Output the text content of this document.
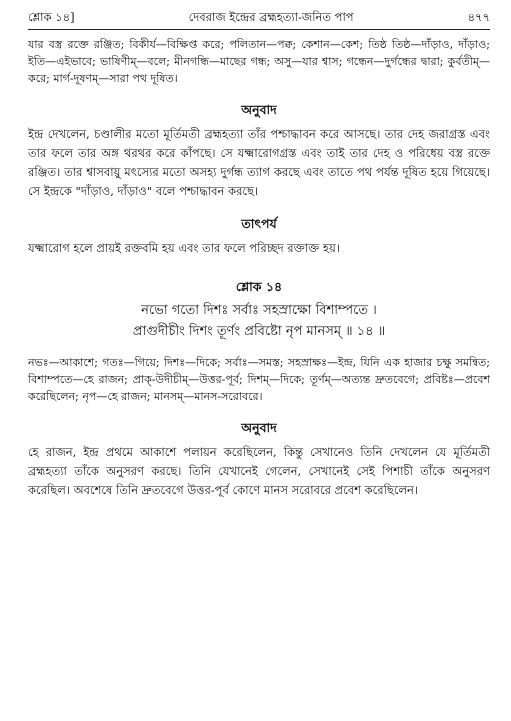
শ্লোক ১৪]	দেবরাজ ইন্দ্রের ব্রহ্মহত্যা-জনিত পাপ	৪৭৭

যার বস্ত্র রক্তে রঞ্জিত; বিকীর্য—বিক্ষিপ্ত করে; পলিতান—পক্ব; কেশান—কেশ; তিষ্ঠ তিষ্ঠ—দাঁড়াও, দাঁড়াও; ইতি—এইভাবে; ভাষিণীম্—বলে; মীনগন্ধি—মাছের গন্ধ; অসু—যার শ্বাস; গন্ধেন—দুর্গন্ধের দ্বারা; কুর্বতীম্—করে; মার্গ-দূষণম্—সারা পথ দূষিত।

অনুবাদ

ইন্দ্র দেখলেন, চণ্ডালীর মতো মূর্তিমতী ব্রহ্মহত্যা তাঁর পশ্চাদ্ধাবন করে আসছে। তার দেহ জরাগ্রস্ত এবং তার ফলে তার অঙ্গ থরথর করে কাঁপছে। সে যক্ষ্মারোগগ্রস্ত এবং তাই তার দেহ ও পরিধেয় বস্ত্র রক্তে রঞ্জিত। তার শ্বাসবায়ু মৎস্যের মতো অসহ্য দুর্গন্ধ ত্যাগ করছে এবং তাতে পথ পর্যন্ত দূষিত হয়ে গিয়েছে। সে ইন্দ্রকে "দাঁড়াও, দাঁড়াও" বলে পশ্চাদ্ধাবন করছে।

তাৎপর্য

যক্ষ্মারোগ হলে প্রায়ই রক্তবমি হয় এবং তার ফলে পরিচ্ছদ রক্তাক্ত হয়।

শ্লোক ১৪

নভো গতো দিশঃ সর্বাঃ সহস্রাক্ষো বিশাম্পতে ।

প্রাগুদীচীং দিশং তূর্ণং প্রবিষ্টো নৃপ মানসম্ ॥ ১৪ ॥

নভঃ—আকাশে; গতঃ—গিয়ে; দিশঃ—দিকে; সর্বাঃ—সমস্ত; সহস্রাক্ষঃ—ইন্দ্র, যিনি এক হাজার চক্ষু সমন্বিত; বিশাম্পতে—হে রাজন; প্রাক্-উদীচীম্—উত্তর-পূর্ব; দিশম্—দিকে; তূর্ণম্—অত্যন্ত দ্রুতবেগে; প্রবিষ্টঃ—প্রবেশ করেছিলেন; নৃপ—হে রাজন; মানসম্—মানস-সরোবরে।

অনুবাদ

হে রাজন, ইন্দ্র প্রথমে আকাশে পলায়ন করেছিলেন, কিন্তু সেখানেও তিনি দেখলেন যে মূর্তিমতী ব্রহ্মহত্যা তাঁকে অনুসরণ করছে। তিনি যেখানেই গেলেন, সেখানেই সেই পিশাচী তাঁকে অনুসরণ করেছিল। অবশেষে তিনি দ্রুতবেগে উত্তর-পূর্ব কোণে মানস সরোবরে প্রবেশ করেছিলেন।
